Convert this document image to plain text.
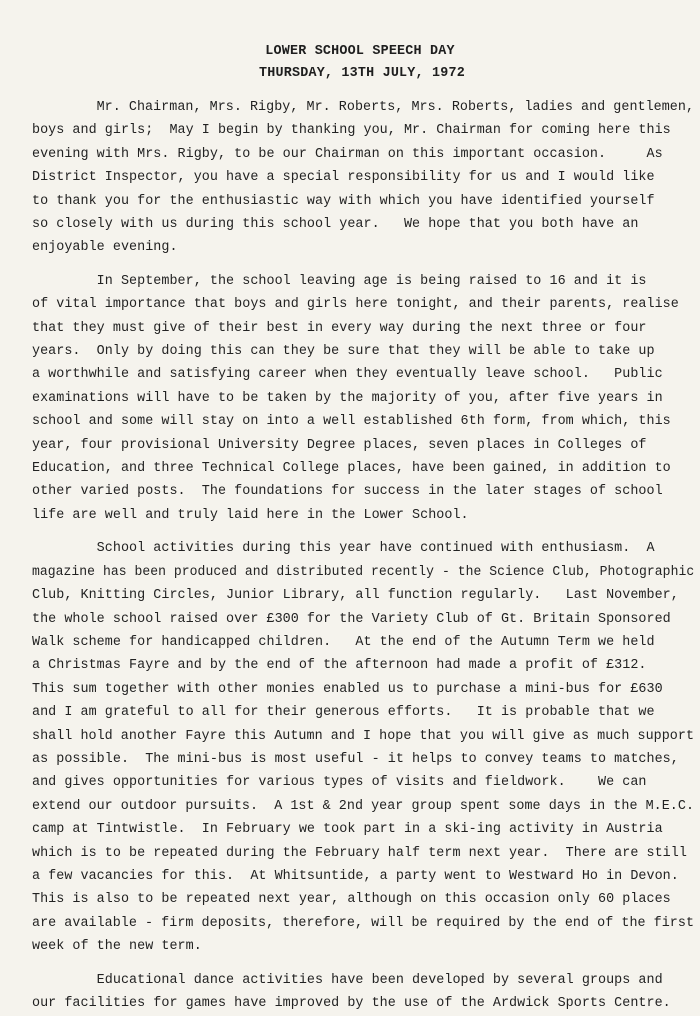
LOWER SCHOOL SPEECH DAY
THURSDAY, 13TH JULY, 1972
Mr. Chairman, Mrs. Rigby, Mr. Roberts, Mrs. Roberts, ladies and gentlemen,
boys and girls;  May I begin by thanking you, Mr. Chairman for coming here this
evening with Mrs. Rigby, to be our Chairman on this important occasion.     As
District Inspector, you have a special responsibility for us and I would like
to thank you for the enthusiastic way with which you have identified yourself
so closely with us during this school year.   We hope that you both have an
enjoyable evening.
In September, the school leaving age is being raised to 16 and it is
of vital importance that boys and girls here tonight, and their parents, realise
that they must give of their best in every way during the next three or four
years.  Only by doing this can they be sure that they will be able to take up
a worthwhile and satisfying career when they eventually leave school.   Public
examinations will have to be taken by the majority of you, after five years in
school and some will stay on into a well established 6th form, from which, this
year, four provisional University Degree places, seven places in Colleges of
Education, and three Technical College places, have been gained, in addition to
other varied posts.  The foundations for success in the later stages of school
life are well and truly laid here in the Lower School.
School activities during this year have continued with enthusiasm.  A
magazine has been produced and distributed recently - the Science Club, Photographic
Club, Knitting Circles, Junior Library, all function regularly.   Last November,
the whole school raised over £300 for the Variety Club of Gt. Britain Sponsored
Walk scheme for handicapped children.   At the end of the Autumn Term we held
a Christmas Fayre and by the end of the afternoon had made a profit of £312.
This sum together with other monies enabled us to purchase a mini-bus for £630
and I am grateful to all for their generous efforts.   It is probable that we
shall hold another Fayre this Autumn and I hope that you will give as much support
as possible.  The mini-bus is most useful - it helps to convey teams to matches,
and gives opportunities for various types of visits and fieldwork.    We can
extend our outdoor pursuits.  A 1st & 2nd year group spent some days in the M.E.C.
camp at Tintwistle.  In February we took part in a ski-ing activity in Austria
which is to be repeated during the February half term next year.  There are still
a few vacancies for this.  At Whitsuntide, a party went to Westward Ho in Devon.
This is also to be repeated next year, although on this occasion only 60 places
are available - firm deposits, therefore, will be required by the end of the first
week of the new term.
Educational dance activities have been developed by several groups and
our facilities for games have improved by the use of the Ardwick Sports Centre.
